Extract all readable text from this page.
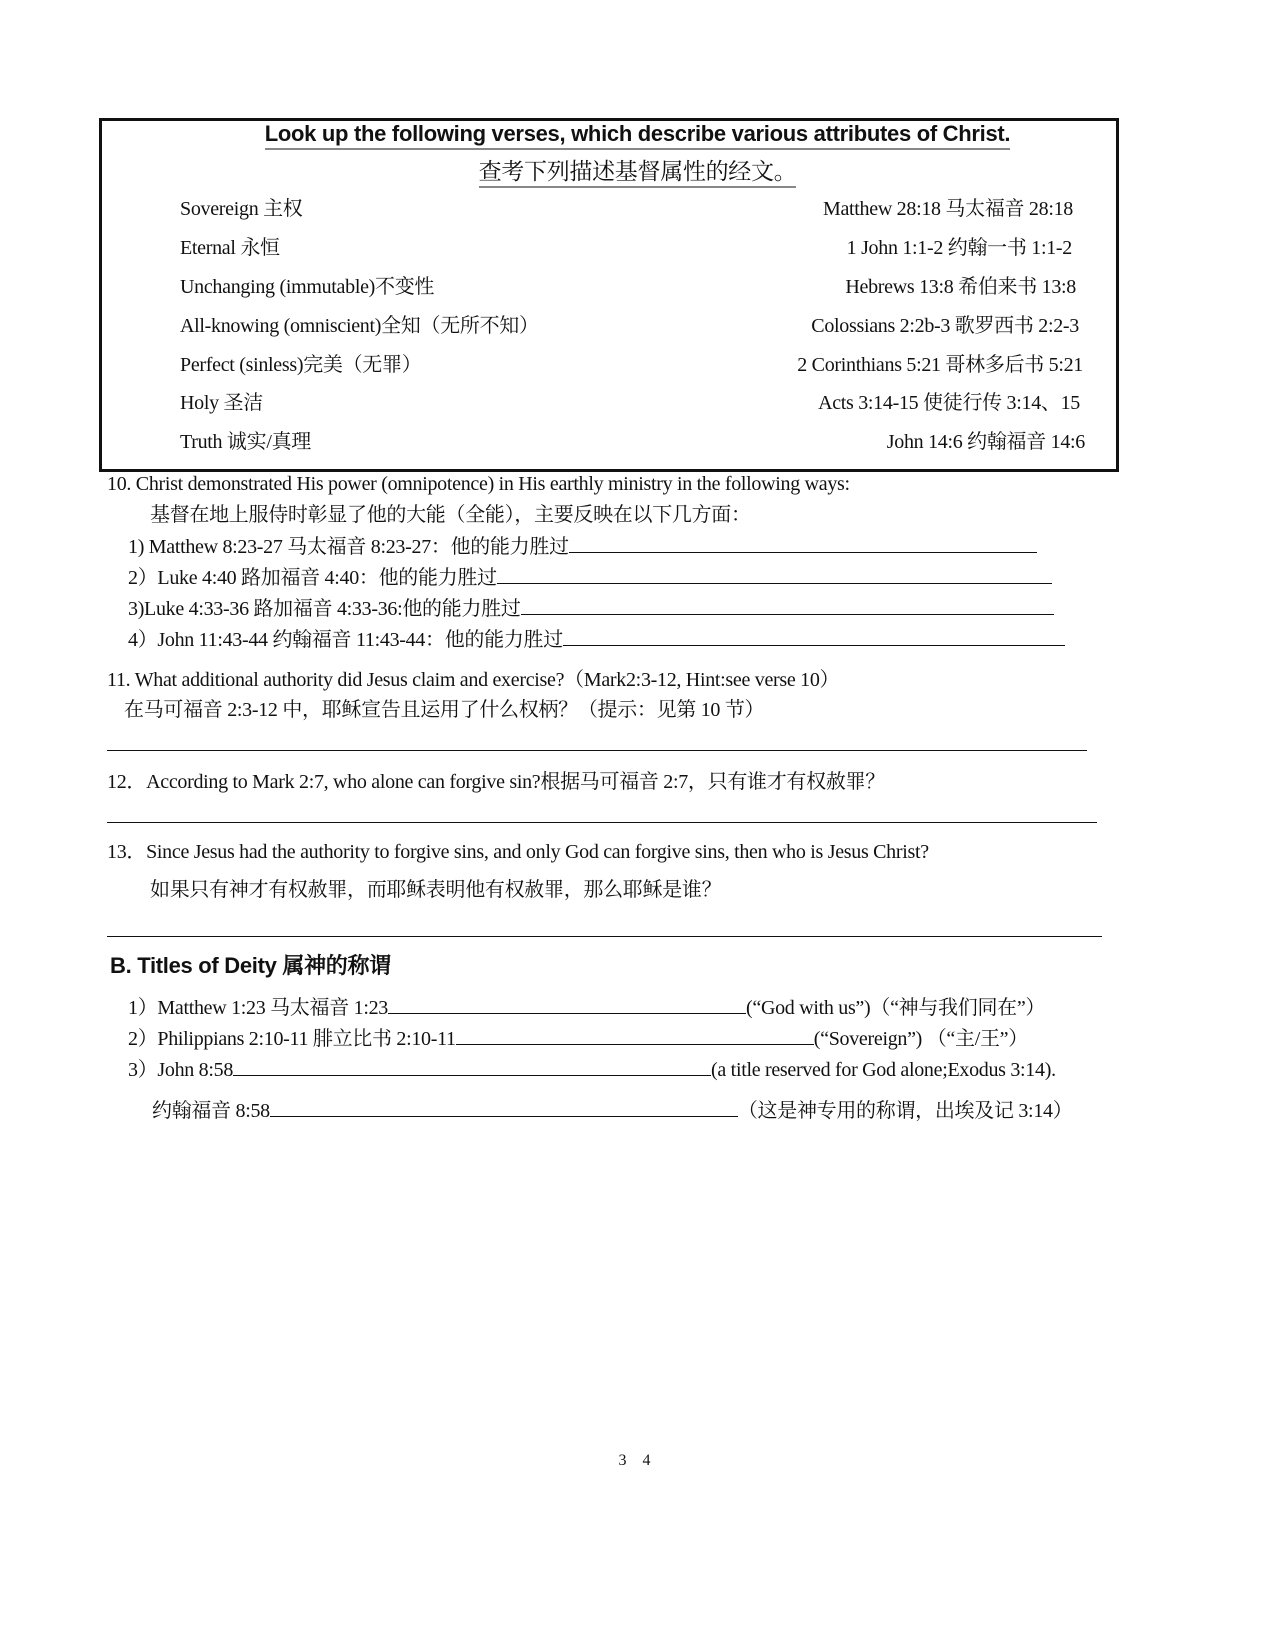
Look up the following verses, which describe various attributes of Christ.
查考下列描述基督属性的经文。
Sovereign 主权	Matthew 28:18 马太福音 28:18
Eternal 永恒	1 John 1:1-2 约翰一书 1:1-2
Unchanging (immutable)不变性	Hebrews 13:8 希伯来书 13:8
All-knowing (omniscient)全知（无所不知）	Colossians 2:2b-3 歌罗西书 2:2-3
Perfect (sinless)完美（无罪）	2 Corinthians 5:21 哥林多后书 5:21
Holy 圣洁	Acts 3:14-15 使徒行传 3:14、15
Truth 诚实/真理	John 14:6 约翰福音 14:6
10. Christ demonstrated His power (omnipotence) in His earthly ministry in the following ways:
基督在地上服侍时彰显了他的大能（全能），主要反映在以下几方面：
1) Matthew 8:23-27 马太福音 8:23-27：他的能力胜过
2）Luke 4:40 路加福音 4:40：他的能力胜过
3)Luke 4:33-36 路加福音 4:33-36:他的能力胜过
4）John 11:43-44 约翰福音 11:43-44：他的能力胜过
11. What additional authority did Jesus claim and exercise?（Mark2:3-12, Hint:see verse 10）
在马可福音 2:3-12 中，耶稣宣告且运用了什么权柄？（提示：见第 10 节）
12．According to Mark 2:7, who alone can forgive sin?根据马可福音 2:7，只有谁才有权赦罪？
13．Since Jesus had the authority to forgive sins, and only God can forgive sins, then who is Jesus Christ?
如果只有神才有权赦罪，而耶稣表明他有权赦罪，那么耶稣是谁？
B. Titles of Deity 属神的称谓
1）Matthew 1:23 马太福音 1:23	(“God with us”)（“神与我们同在”）
2）Philippians 2:10-11 腓立比书 2:10-11	(“Sovereign”) （“主/王”）
3）John 8:58	(a title reserved for God alone;Exodus 3:14).
约翰福音 8:58	（这是神专用的称谓，出埃及记 3:14）
3 4
